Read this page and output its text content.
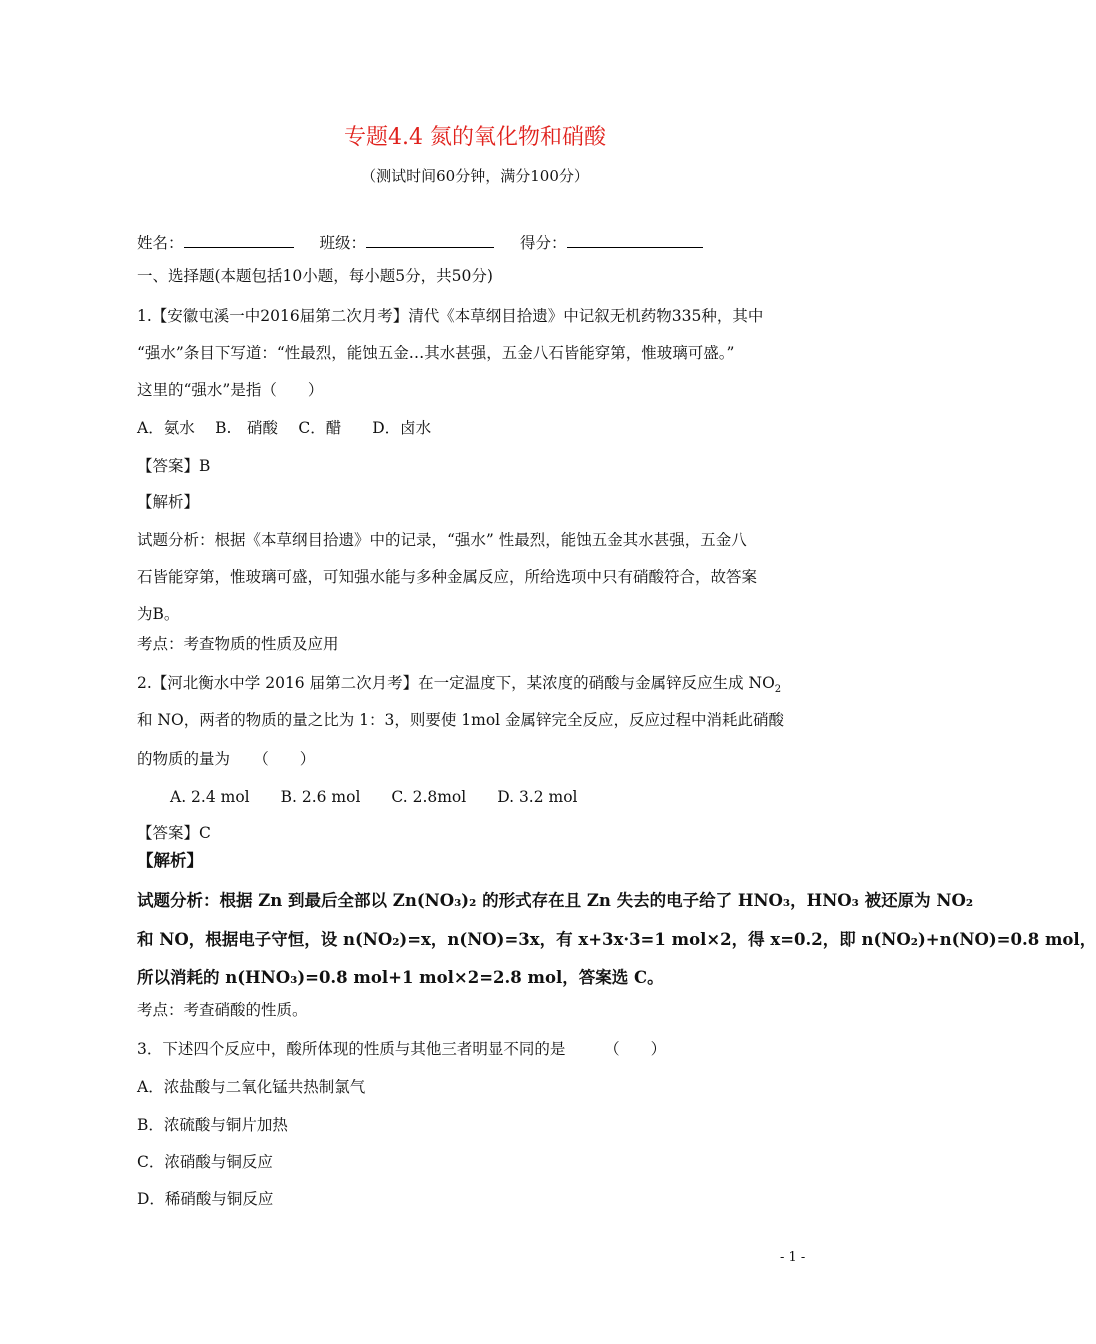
专题4.4 氮的氧化物和硝酸
（测试时间60分钟，满分100分）
姓名：	班级：	得分：
一、选择题(本题包括10小题，每小题5分，共50分)
1.【安徽屯溪一中2016届第二次月考】清代《本草纲目拾遗》中记叙无机药物335种，其中
“强水”条目下写道：“性最烈，能蚀五金…其水甚强，五金八石皆能穿第，惟玻璃可盛。”
这里的“强水”是指（　　）
A．氨水　 B.　硝酸　 C．醋　　D．卤水
【答案】B
【解析】
试题分析：根据《本草纲目拾遗》中的记录，“强水” 性最烈，能蚀五金其水甚强，五金八
石皆能穿第，惟玻璃可盛，可知强水能与多种金属反应，所给选项中只有硝酸符合，故答案
为B。
考点：考查物质的性质及应用
2.【河北衡水中学 2016 届第二次月考】在一定温度下，某浓度的硝酸与金属锌反应生成 $NO_2$
和 NO，两者的物质的量之比为 1：3，则要使 1mol 金属锌完全反应，反应过程中消耗此硝酸
的物质的量为　　（　　）
A. 2.4 mol　　B. 2.6 mol　　C. 2.8mol　　D. 3.2 mol
【答案】C
【解析】
试题分析：根据 Zn 到最后全部以 Zn(NO₃)₂ 的形式存在且 Zn 失去的电子给了 HNO₃，HNO₃ 被还原为 NO₂
和 NO，根据电子守恒，设 n(NO₂)=x，n(NO)=3x，有 x+3x·3=1 mol×2，得 x=0.2，即 n(NO₂)+n(NO)=0.8 mol，
所以消耗的 n(HNO₃)=0.8 mol+1 mol×2=2.8 mol，答案选 C。
考点：考查硝酸的性质。
3．下述四个反应中，酸所体现的性质与其他三者明显不同的是　　　（　　）
A．浓盐酸与二氧化锰共热制氯气
B．浓硫酸与铜片加热
C．浓硝酸与铜反应
D．稀硝酸与铜反应
- 1 -
